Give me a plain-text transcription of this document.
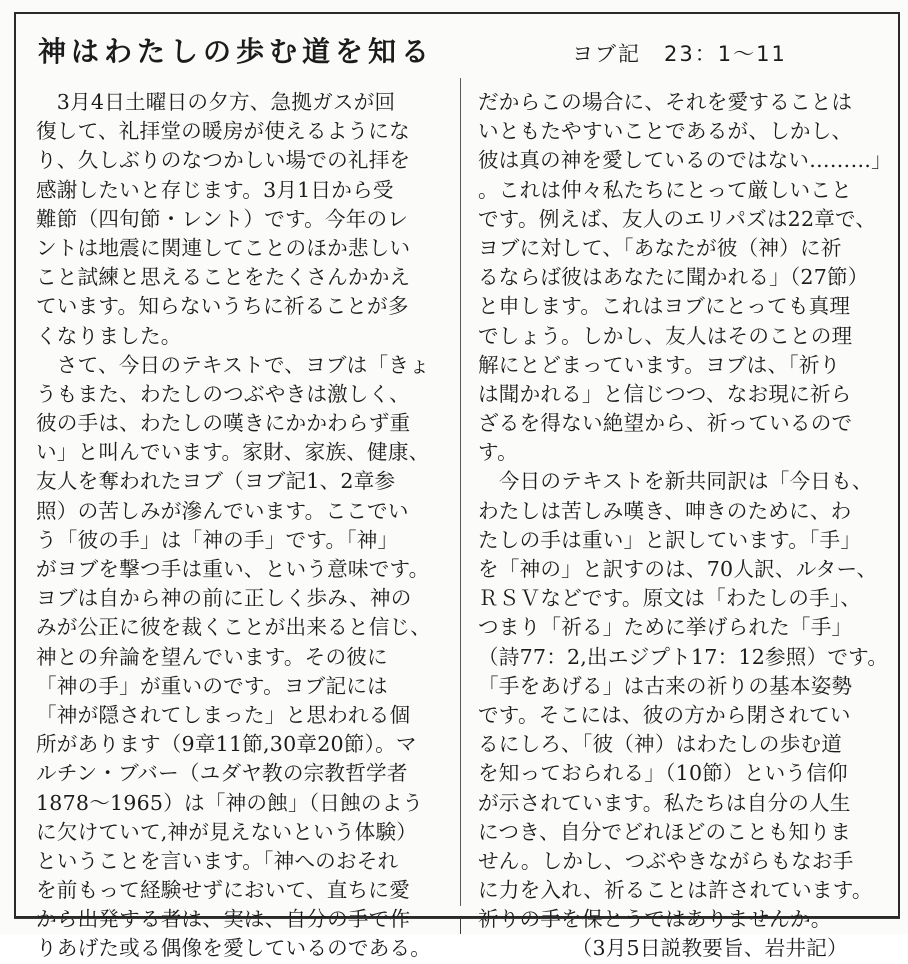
神はわたしの歩む道を知る	ヨブ記　23：1〜11
　3月4日土曜日の夕方、急拠ガスが回
復して、礼拝堂の暖房が使えるようにな
り、久しぶりのなつかしい場での礼拝を
感謝したいと存じます。3月1日から受
難節（四旬節・レント）です。今年のレ
ントは地震に関連してことのほか悲しい
こと試練と思えることをたくさんかかえ
ています。知らないうちに祈ることが多
くなりました。
　さて、今日のテキストで、ヨブは「きょ
うもまた、わたしのつぶやきは激しく、
彼の手は、わたしの嘆きにかかわらず重
い」と叫んでいます。家財、家族、健康、
友人を奪われたヨブ（ヨブ記1、2章参
照）の苦しみが滲んでいます。ここでい
う「彼の手」は「神の手」です。「神」
がヨブを撃つ手は重い、という意味です。
ヨブは自から神の前に正しく歩み、神の
みが公正に彼を裁くことが出来ると信じ、
神との弁論を望んでいます。その彼に
「神の手」が重いのです。ヨブ記には
「神が隠されてしまった」と思われる個
所があります（9章11節,30章20節）。マ
ルチン・ブバー（ユダヤ教の宗教哲学者
1878〜1965）は「神の蝕」（日蝕のよう
に欠けていて,神が見えないという体験）
ということを言います。「神へのおそれ
を前もって経験せずにおいて、直ちに愛
から出発する者は、実は、自分の手で作
りあげた或る偶像を愛しているのである。
だからこの場合に、それを愛することは
いともたやすいことであるが、しかし、
彼は真の神を愛しているのではない………」
。これは仲々私たちにとって厳しいこと
です。例えば、友人のエリパズは22章で、
ヨブに対して、「あなたが彼（神）に祈
るならば彼はあなたに聞かれる」（27節）
と申します。これはヨブにとっても真理
でしょう。しかし、友人はそのことの理
解にとどまっています。ヨブは、「祈り
は聞かれる」と信じつつ、なお現に祈ら
ざるを得ない絶望から、祈っているので
す。
　今日のテキストを新共同訳は「今日も、
わたしは苦しみ嘆き、呻きのために、わ
たしの手は重い」と訳しています。「手」
を「神の」と訳すのは、70人訳、ルター、
ＲＳＶなどです。原文は「わたしの手」、
つまり「祈る」ために挙げられた「手」
（詩77：2,出エジプト17：12参照）です。
「手をあげる」は古来の祈りの基本姿勢
です。そこには、彼の方から閉されてい
るにしろ、「彼（神）はわたしの歩む道
を知っておられる」（10節）という信仰
が示されています。私たちは自分の人生
につき、自分でどれほどのことも知りま
せん。しかし、つぶやきながらもなお手
に力を入れ、祈ることは許されています。
祈りの手を保とうではありませんか。
　　　　　（3月5日説教要旨、岩井記）
